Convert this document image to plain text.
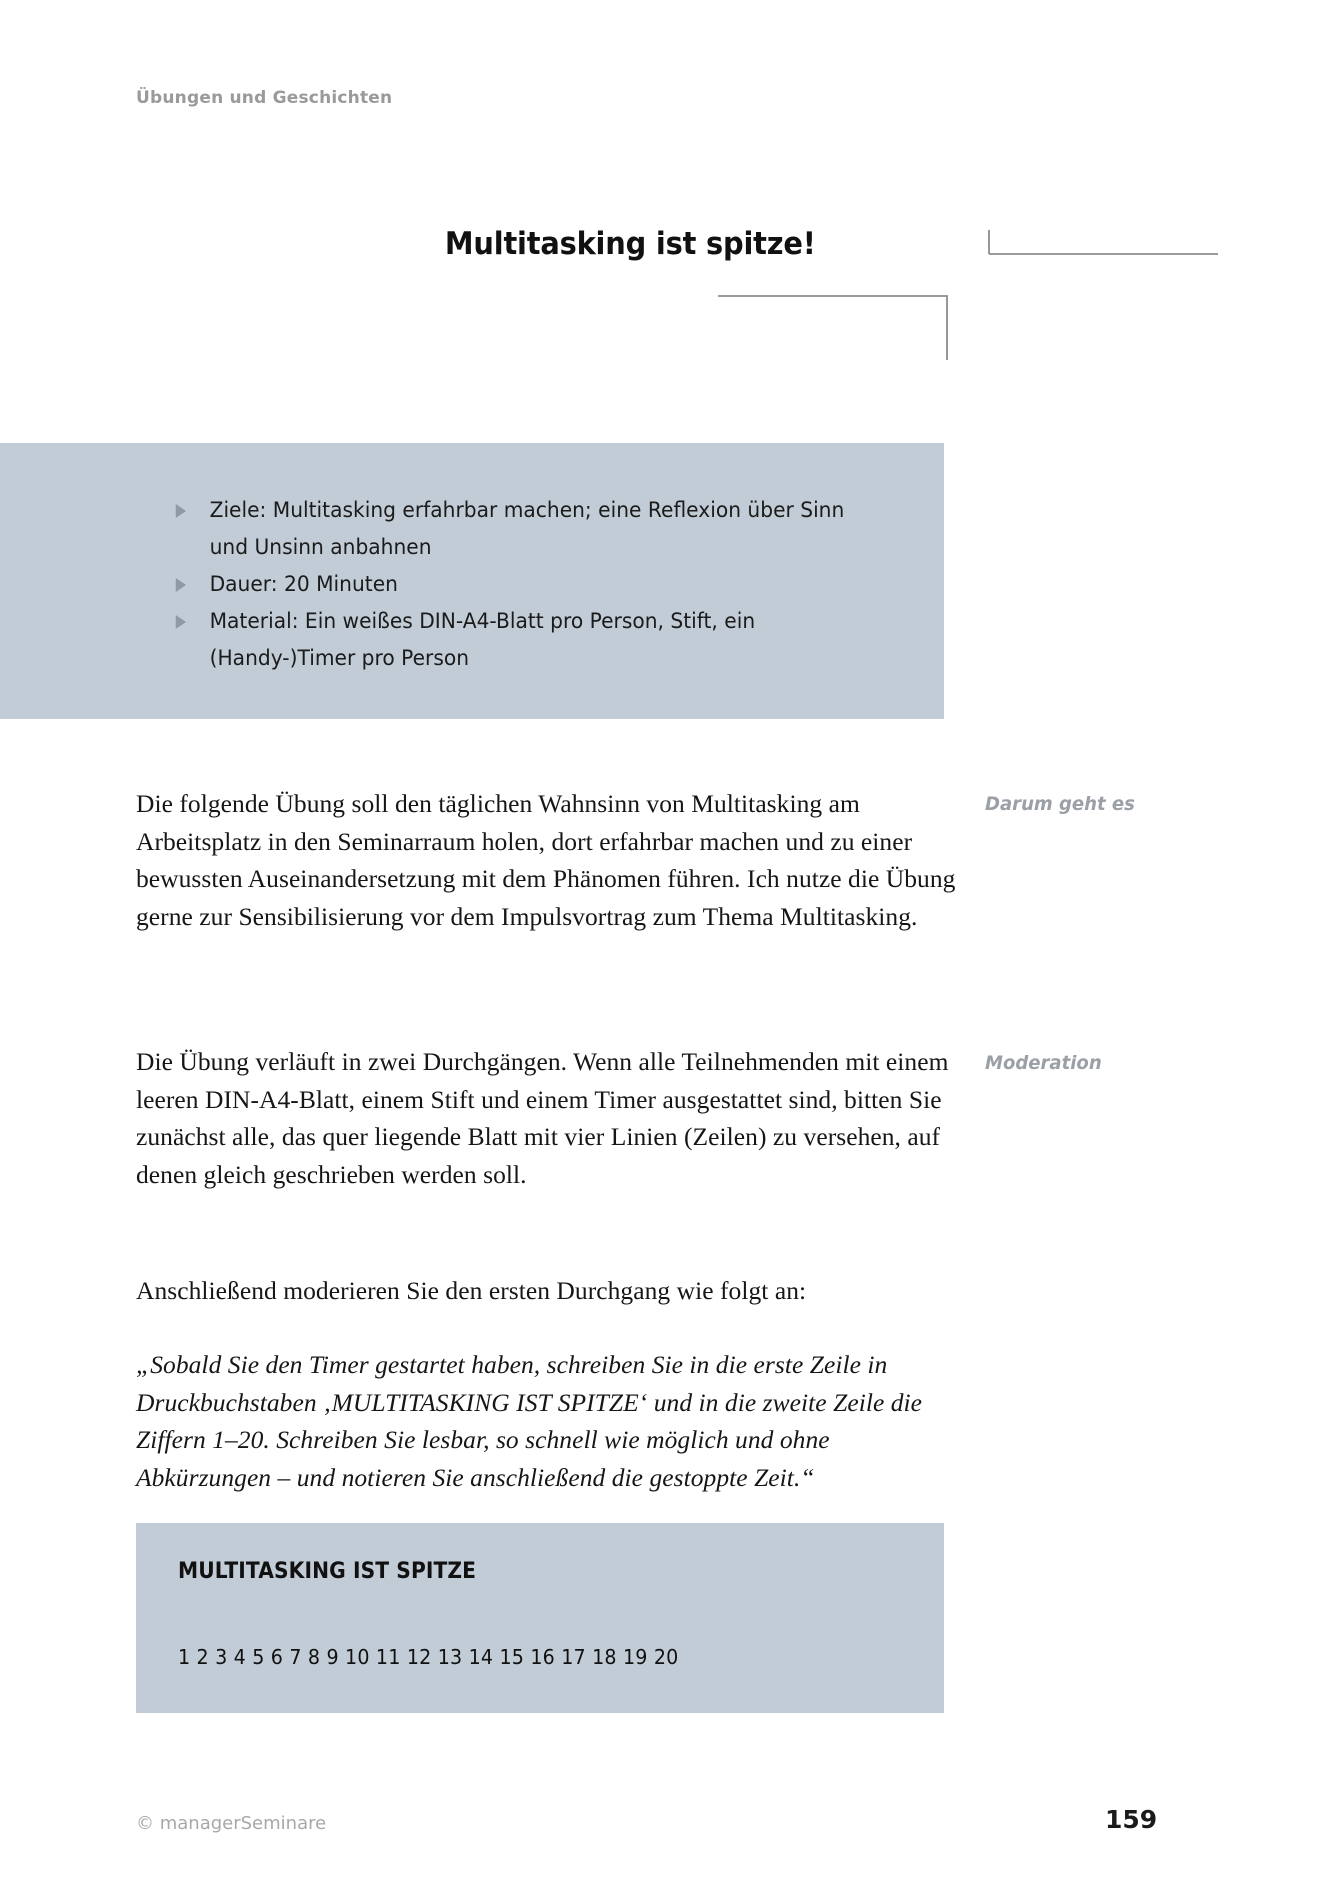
Übungen und Geschichten
Multitasking ist spitze!
Ziele: Multitasking erfahrbar machen; eine Reflexion über Sinn und Unsinn anbahnen
Dauer: 20 Minuten
Material: Ein weißes DIN-A4-Blatt pro Person, Stift, ein (Handy-)Timer pro Person

Die folgende Übung soll den täglichen Wahnsinn von Multitasking am Arbeitsplatz in den Seminarraum holen, dort erfahrbar machen und zu einer bewussten Auseinandersetzung mit dem Phänomen führen. Ich nutze die Übung gerne zur Sensibilisierung vor dem Impulsvortrag zum Thema Multitasking.

Die Übung verläuft in zwei Durchgängen. Wenn alle Teilnehmenden mit einem leeren DIN-A4-Blatt, einem Stift und einem Timer ausgestattet sind, bitten Sie zunächst alle, das quer liegende Blatt mit vier Linien (Zeilen) zu versehen, auf denen gleich geschrieben werden soll.

Anschließend moderieren Sie den ersten Durchgang wie folgt an:

„Sobald Sie den Timer gestartet haben, schreiben Sie in die erste Zeile in Druckbuchstaben ‚MULTITASKING IST SPITZE‘ und in die zweite Zeile die Ziffern 1–20. Schreiben Sie lesbar, so schnell wie möglich und ohne Abkürzungen – und notieren Sie anschließend die gestoppte Zeit.“

Darum geht es
Moderation
MULTITASKING IST SPITZE
1 2 3 4 5 6 7 8 9 10 11 12 13 14 15 16 17 18 19 20
© managerSeminare	159
